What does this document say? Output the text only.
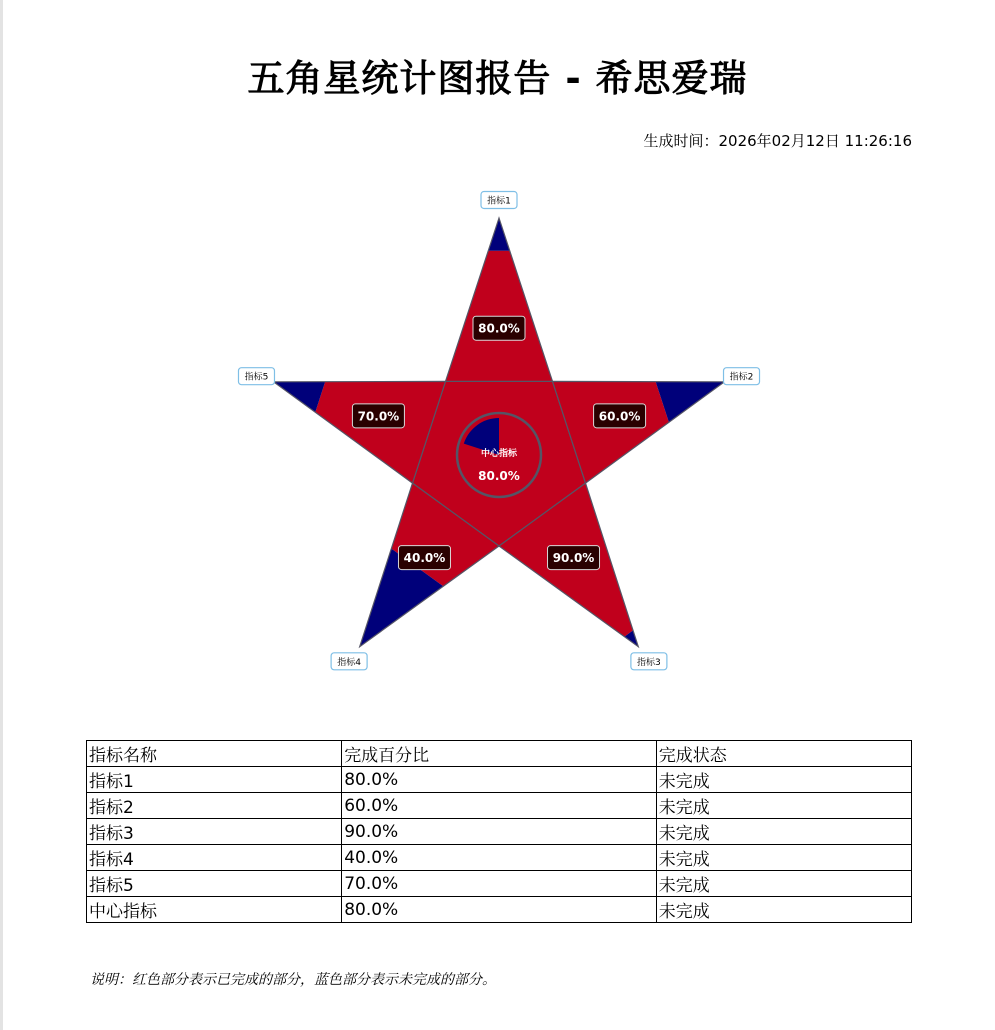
五角星统计图报告 - 希思爱瑞
生成时间：2026年02月12日 11:26:16
中心指标
80.0%
80.0%
指标1
60.0%
指标2
90.0%
指标3
40.0%
指标4
70.0%
指标5
指标名称	完成百分比	完成状态
指标1	80.0%	未完成
指标2	60.0%	未完成
指标3	90.0%	未完成
指标4	40.0%	未完成
指标5	70.0%	未完成
中心指标	80.0%	未完成
说明：红色部分表示已完成的部分，蓝色部分表示未完成的部分。
